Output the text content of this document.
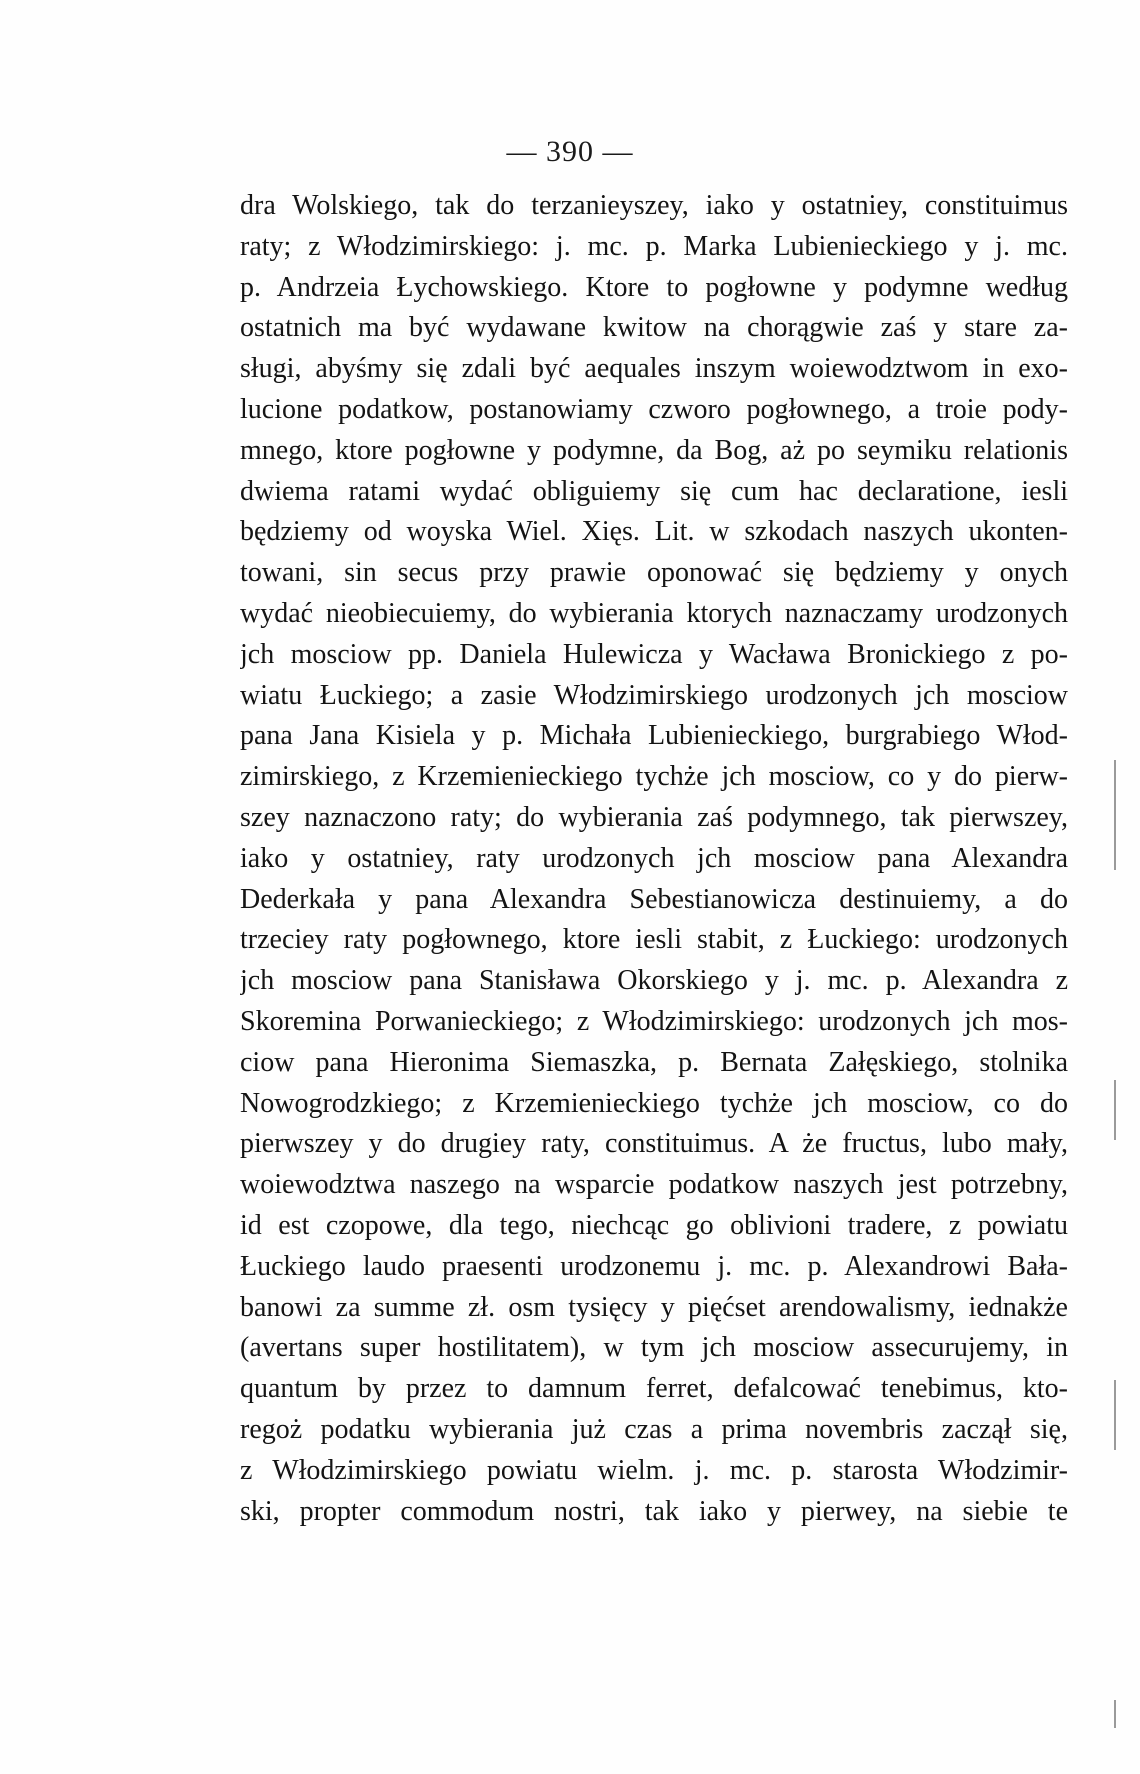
— 390 —
dra Wolskiego, tak do terzanieyszey, iako y ostatniey, constituimus
raty; z Włodzimirskiego: j. mc. p. Marka Lubienieckiego y j. mc.
p. Andrzeia Łychowskiego. Ktore to pogłowne y podymne według
ostatnich ma być wydawane kwitow na chorągwie zaś y stare za-
sługi, abyśmy się zdali być aequales inszym woiewodztwom in exo-
lucione podatkow, postanowiamy czworo pogłownego, a troie pody-
mnego, ktore pogłowne y podymne, da Bog, aż po seymiku relationis
dwiema ratami wydać obliguiemy się cum hac declaratione, iesli
będziemy od woyska Wiel. Xięs. Lit. w szkodach naszych ukonten-
towani, sin secus przy prawie oponować się będziemy y onych
wydać nieobiecuiemy, do wybierania ktorych naznaczamy urodzonych
jch mosciow pp. Daniela Hulewicza y Wacława Bronickiego z po-
wiatu Łuckiego; a zasie Włodzimirskiego urodzonych jch mosciow
pana Jana Kisiela y p. Michała Lubienieckiego, burgrabiego Włod-
zimirskiego, z Krzemienieckiego tychże jch mosciow, co y do pierw-
szey naznaczono raty; do wybierania zaś podymnego, tak pierwszey,
iako y ostatniey, raty urodzonych jch mosciow pana Alexandra
Dederkała y pana Alexandra Sebestianowicza destinuiemy, a do
trzeciey raty pogłownego, ktore iesli stabit, z Łuckiego: urodzonych
jch mosciow pana Stanisława Okorskiego y j. mc. p. Alexandra z
Skoremina Porwanieckiego; z Włodzimirskiego: urodzonych jch mos-
ciow pana Hieronima Siemaszka, p. Bernata Załęskiego, stolnika
Nowogrodzkiego; z Krzemienieckiego tychże jch mosciow, co do
pierwszey y do drugiey raty, constituimus. A że fructus, lubo mały,
woiewodztwa naszego na wsparcie podatkow naszych jest potrzebny,
id est czopowe, dla tego, niechcąc go oblivioni tradere, z powiatu
Łuckiego laudo praesenti urodzonemu j. mc. p. Alexandrowi Bała-
banowi za summe zł. osm tysięcy y pięćset arendowalismy, iednakże
(avertans super hostilitatem), w tym jch mosciow assecurujemy, in
quantum by przez to damnum ferret, defalcować tenebimus, kto-
regoż podatku wybierania już czas a prima novembris zaczął się,
z Włodzimirskiego powiatu wielm. j. mc. p. starosta Włodzimir-
ski, propter commodum nostri, tak iako y pierwey, na siebie te
